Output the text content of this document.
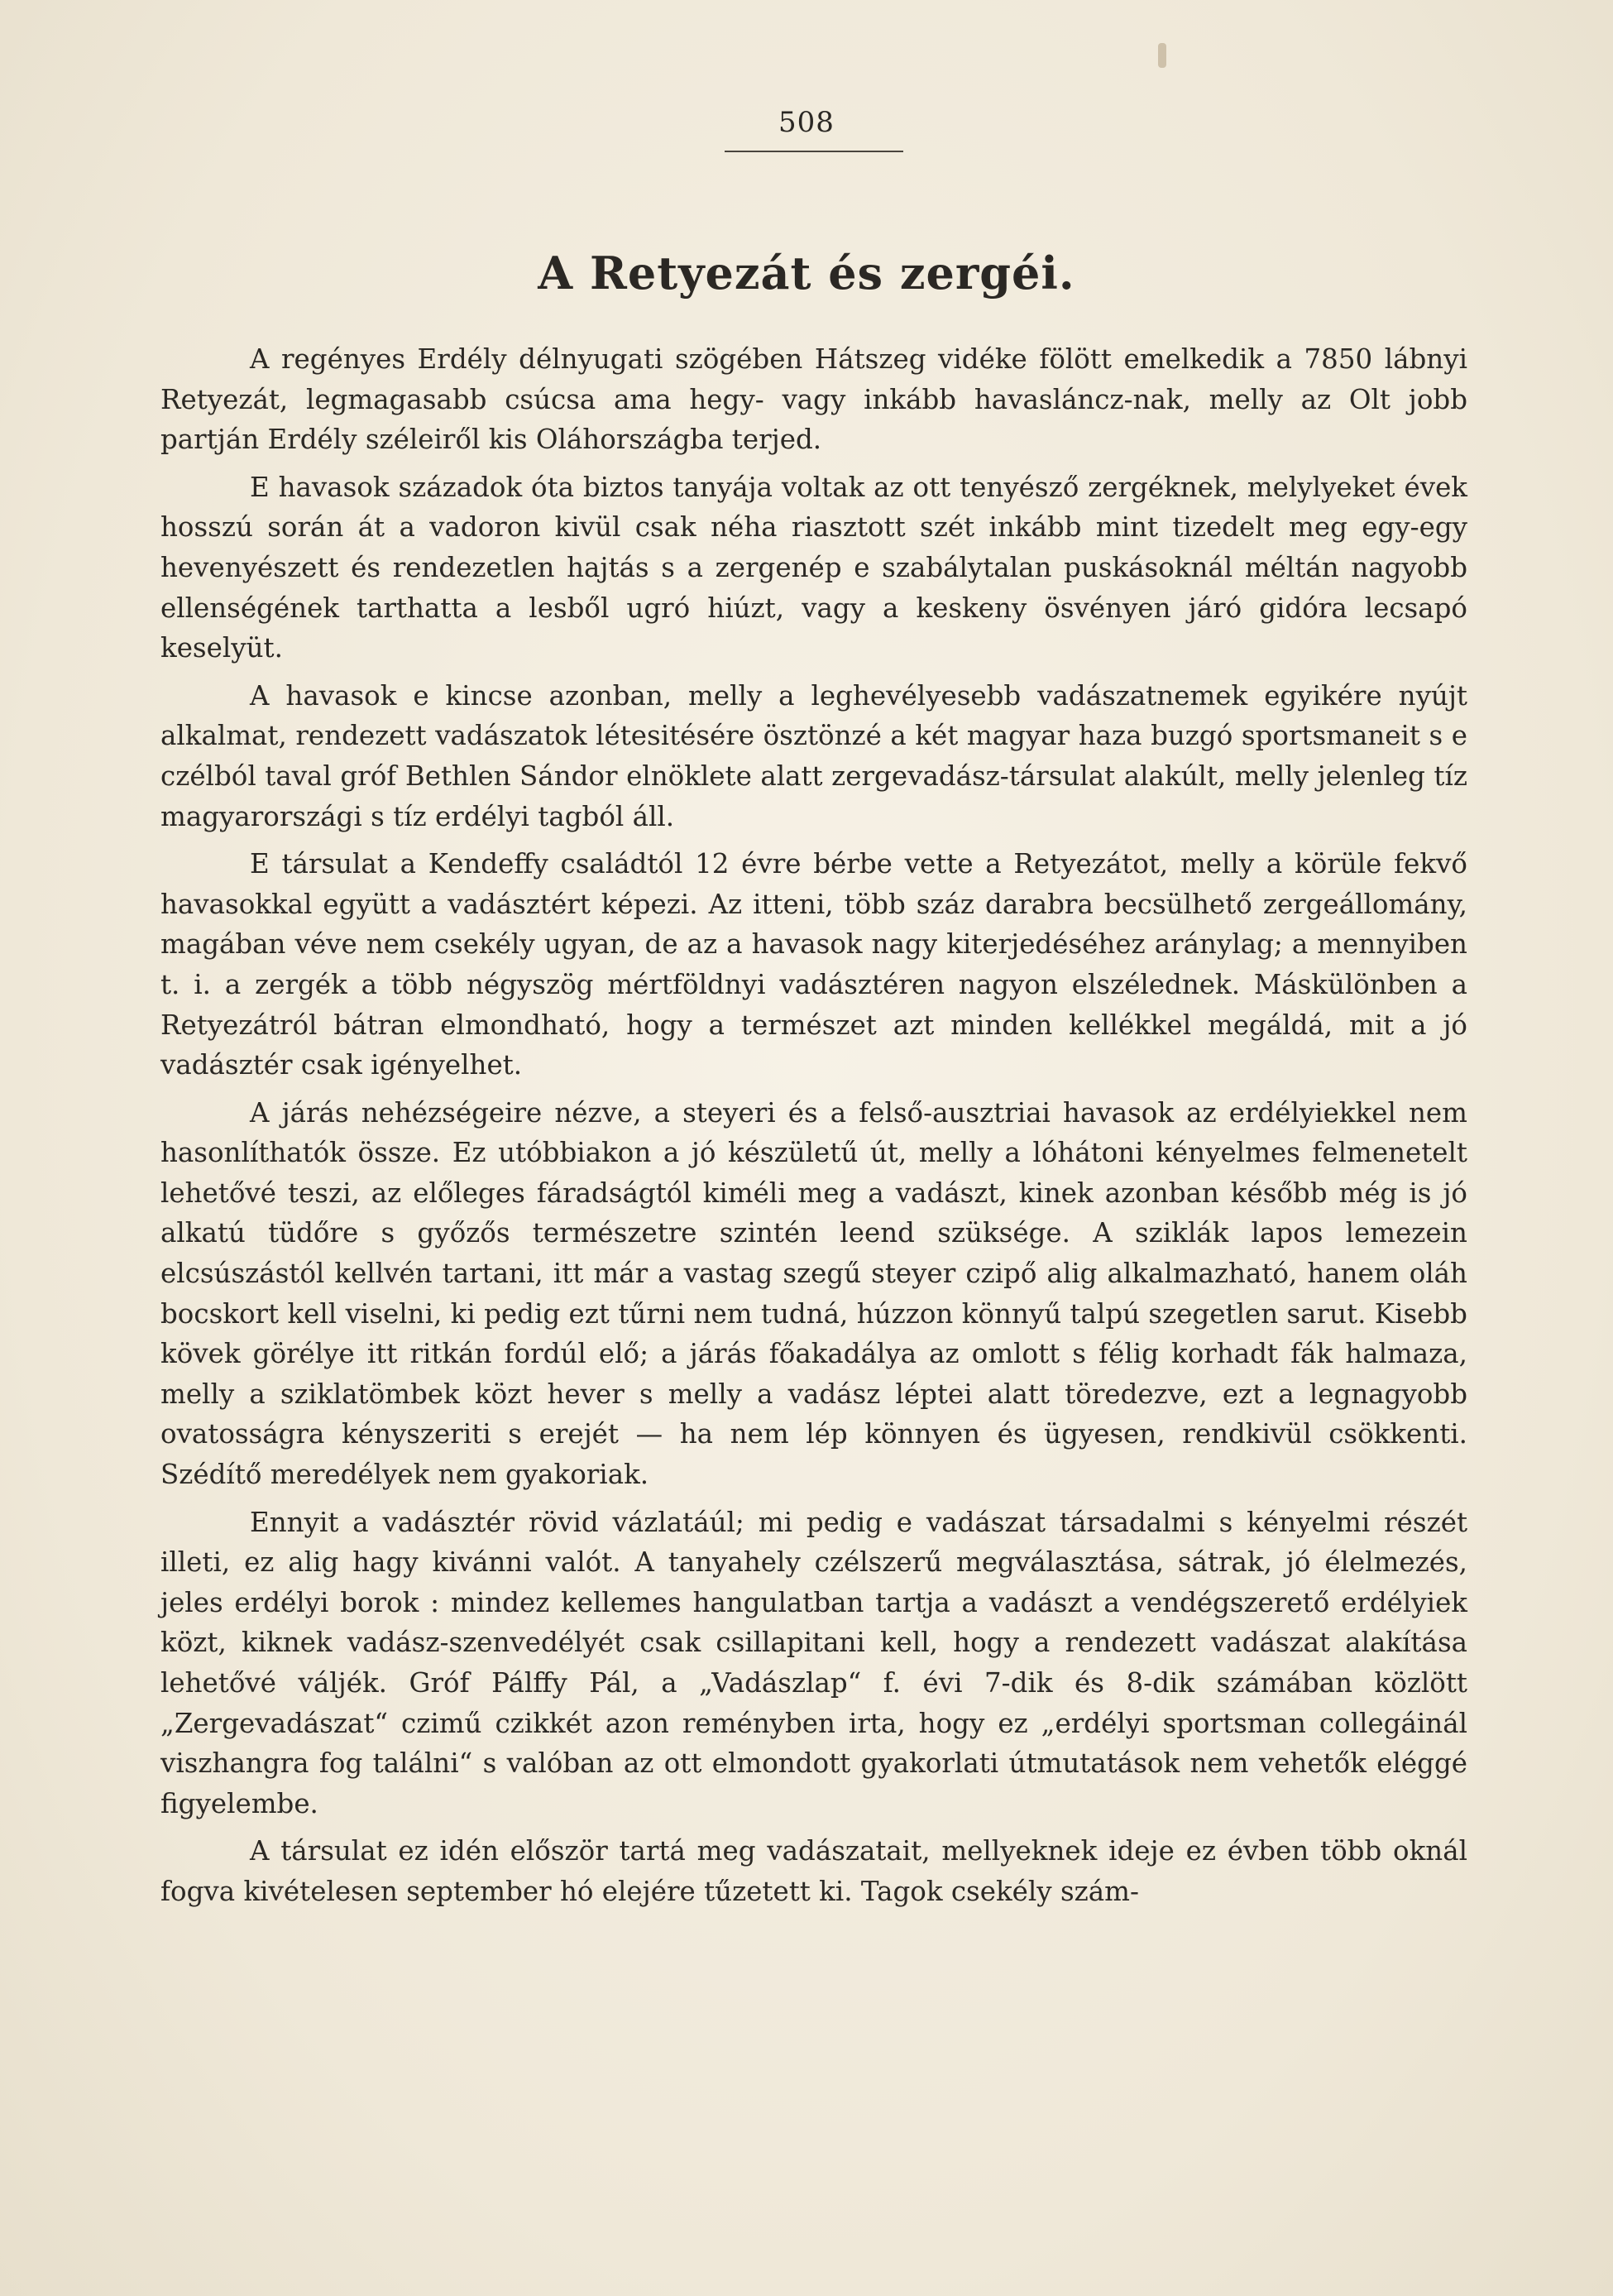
508
A Retyezát és zergéi.

A regényes Erdély délnyugati szögében Hátszeg vidéke fölött emelkedik a 7850 lábnyi Retyezát, legmagasabb csúcsa ama hegy- vagy inkább havasláncz-nak, melly az Olt jobb partján Erdély széleiről kis Oláhországba terjed.

E havasok századok óta biztos tanyája voltak az ott tenyésző zergéknek, melylyeket évek hosszú során át a vadoron kivül csak néha riasztott szét inkább mint tizedelt meg egy-egy hevenyészett és rendezetlen hajtás s a zergenép e szabálytalan puskásoknál méltán nagyobb ellenségének tarthatta a lesből ugró hiúzt, vagy a keskeny ösvényen járó gidóra lecsapó keselyüt.

A havasok e kincse azonban, melly a leghevélyesebb vadászatnemek egyikére nyújt alkalmat, rendezett vadászatok létesitésére ösztönzé a két magyar haza buzgó sportsmaneit s e czélból taval gróf Bethlen Sándor elnöklete alatt zergevadász-társulat alakúlt, melly jelenleg tíz magyarországi s tíz erdélyi tagból áll.

E társulat a Kendeffy családtól 12 évre bérbe vette a Retyezátot, melly a körüle fekvő havasokkal együtt a vadásztért képezi. Az itteni, több száz darabra becsülhető zergeállomány, magában véve nem csekély ugyan, de az a havasok nagy kiterjedéséhez aránylag; a mennyiben t. i. a zergék a több négyszög mértföldnyi vadásztéren nagyon elszélednek. Máskülönben a Retyezátról bátran elmondható, hogy a természet azt minden kellékkel megáldá, mit a jó vadásztér csak igényelhet.

A járás nehézségeire nézve, a steyeri és a felső-ausztriai havasok az erdélyiekkel nem hasonlíthatók össze. Ez utóbbiakon a jó készületű út, melly a lóhátoni kényelmes felmenetelt lehetővé teszi, az előleges fáradságtól kiméli meg a vadászt, kinek azonban később még is jó alkatú tüdőre s győzős természetre szintén leend szüksége. A sziklák lapos lemezein elcsúszástól kellvén tartani, itt már a vastag szegű steyer czipő alig alkalmazható, hanem oláh bocskort kell viselni, ki pedig ezt tűrni nem tudná, húzzon könnyű talpú szegetlen sarut. Kisebb kövek görélye itt ritkán fordúl elő; a járás főakadálya az omlott s félig korhadt fák halmaza, melly a sziklatömbek közt hever s melly a vadász léptei alatt töredezve, ezt a legnagyobb ovatosságra kényszeriti s erejét — ha nem lép könnyen és ügyesen, rendkivül csökkenti. Szédítő meredélyek nem gyakoriak.

Ennyit a vadásztér rövid vázlatáúl; mi pedig e vadászat társadalmi s kényelmi részét illeti, ez alig hagy kivánni valót. A tanyahely czélszerű megválasztása, sátrak, jó élelmezés, jeles erdélyi borok : mindez kellemes hangulatban tartja a vadászt a vendégszerető erdélyiek közt, kiknek vadász-szenvedélyét csak csillapitani kell, hogy a rendezett vadászat alakítása lehetővé váljék. Gróf Pálffy Pál, a „Vadászlap“ f. évi 7-dik és 8-dik számában közlött „Zergevadászat“ czimű czikkét azon reményben irta, hogy ez „erdélyi sportsman collegáinál viszhangra fog találni“ s valóban az ott elmondott gyakorlati útmutatások nem vehetők eléggé figyelembe.

A társulat ez idén először tartá meg vadászatait, mellyeknek ideje ez évben több oknál fogva kivételesen september hó elejére tűzetett ki. Tagok csekély szám-
